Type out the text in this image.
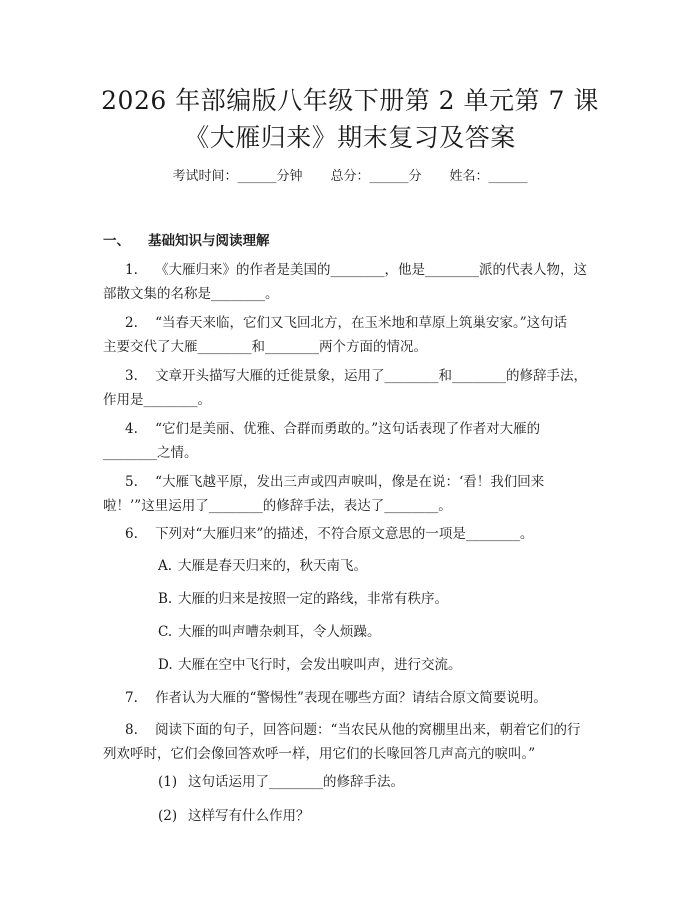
2026 年部编版八年级下册第 2 单元第 7 课
《大雁归来》期末复习及答案
考试时间：______分钟 总分：______分 姓名：______
一、 基础知识与阅读理解
1. 《大雁归来》的作者是美国的________，他是________派的代表人物，这
部散文集的名称是________。
2. “当春天来临，它们又飞回北方，在玉米地和草原上筑巢安家。”这句话
主要交代了大雁________和________两个方面的情况。
3. 文章开头描写大雁的迁徙景象，运用了________和________的修辞手法，
作用是________。
4. “它们是美丽、优雅、合群而勇敢的。”这句话表现了作者对大雁的
________之情。
5. “大雁飞越平原，发出三声或四声唳叫，像是在说：‘看！我们回来
啦！’”这里运用了________的修辞手法，表达了________。
6. 下列对“大雁归来”的描述，不符合原文意思的一项是________。
A. 大雁是春天归来的，秋天南飞。
B. 大雁的归来是按照一定的路线，非常有秩序。
C. 大雁的叫声嘈杂刺耳，令人烦躁。
D. 大雁在空中飞行时，会发出唳叫声，进行交流。
7. 作者认为大雁的“警惕性”表现在哪些方面？请结合原文简要说明。
8. 阅读下面的句子，回答问题：“当农民从他的窝棚里出来，朝着它们的行
列欢呼时，它们会像回答欢呼一样，用它们的长喙回答几声高亢的唳叫。”
(1) 这句话运用了________的修辞手法。
(2) 这样写有什么作用？
